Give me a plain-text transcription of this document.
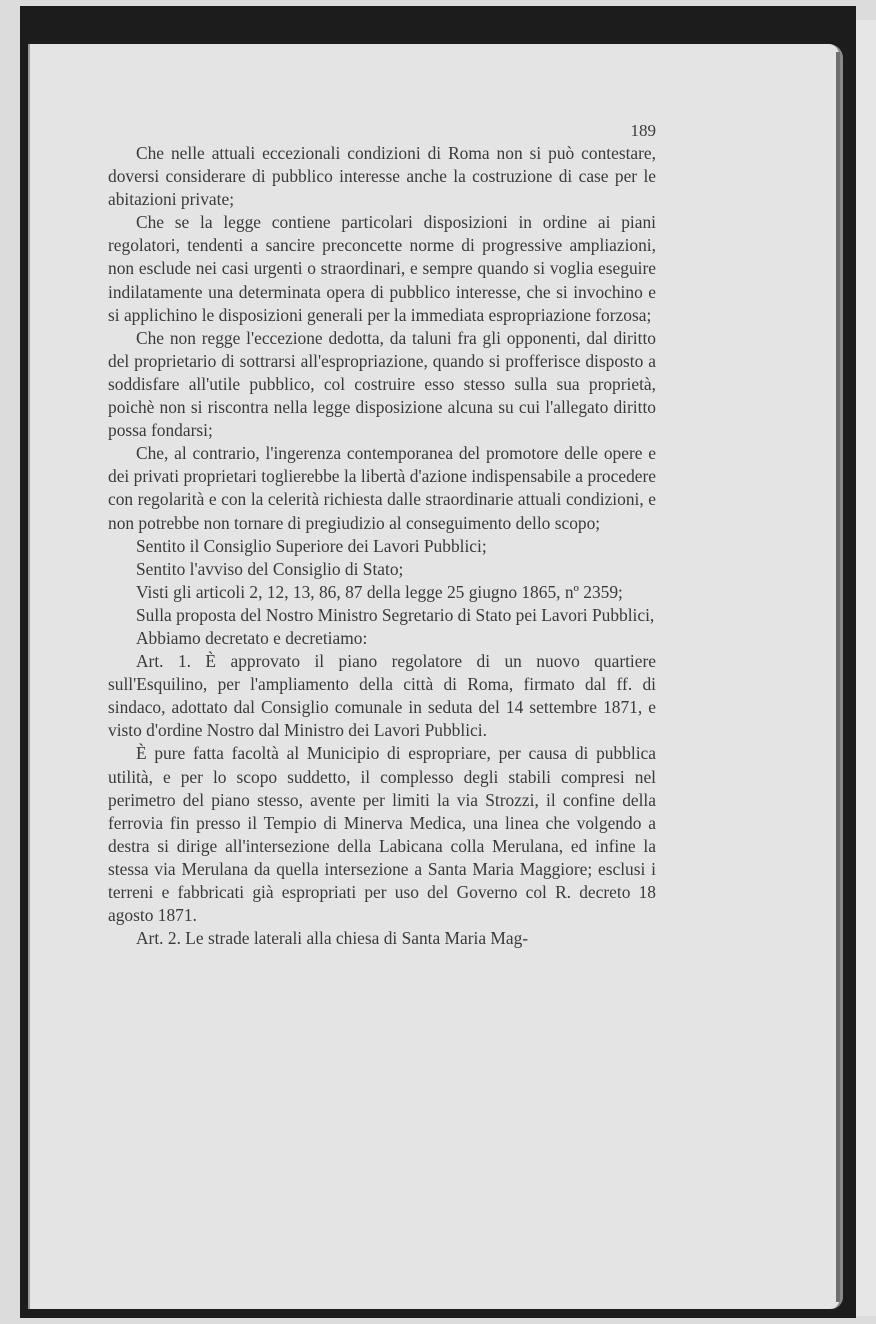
189

Che nelle attuali eccezionali condizioni di Roma non si può contestare, doversi considerare di pubblico interesse anche la costruzione di case per le abitazioni private;

Che se la legge contiene particolari disposizioni in ordine ai piani regolatori, tendenti a sancire preconcette norme di progressive ampliazioni, non esclude nei casi urgenti o straordinari, e sempre quando si voglia eseguire indilatamente una determinata opera di pubblico interesse, che si invochino e si applichino le disposizioni generali per la immediata espropriazione forzosa;

Che non regge l'eccezione dedotta, da taluni fra gli opponenti, dal diritto del proprietario di sottrarsi all'espropriazione, quando si profferisce disposto a soddisfare all'utile pubblico, col costruire esso stesso sulla sua proprietà, poichè non si riscontra nella legge disposizione alcuna su cui l'allegato diritto possa fondarsi;

Che, al contrario, l'ingerenza contemporanea del promotore delle opere e dei privati proprietari toglierebbe la libertà d'azione indispensabile a procedere con regolarità e con la celerità richiesta dalle straordinarie attuali condizioni, e non potrebbe non tornare di pregiudizio al conseguimento dello scopo;

Sentito il Consiglio Superiore dei Lavori Pubblici;

Sentito l'avviso del Consiglio di Stato;

Visti gli articoli 2, 12, 13, 86, 87 della legge 25 giugno 1865, nº 2359;

Sulla proposta del Nostro Ministro Segretario di Stato pei Lavori Pubblici,

Abbiamo decretato e decretiamo:

Art. 1. È approvato il piano regolatore di un nuovo quartiere sull'Esquilino, per l'ampliamento della città di Roma, firmato dal ff. di sindaco, adottato dal Consiglio comunale in seduta del 14 settembre 1871, e visto d'ordine Nostro dal Ministro dei Lavori Pubblici.

È pure fatta facoltà al Municipio di espropriare, per causa di pubblica utilità, e per lo scopo suddetto, il complesso degli stabili compresi nel perimetro del piano stesso, avente per limiti la via Strozzi, il confine della ferrovia fin presso il Tempio di Minerva Medica, una linea che volgendo a destra si dirige all'intersezione della Labicana colla Merulana, ed infine la stessa via Merulana da quella intersezione a Santa Maria Maggiore; esclusi i terreni e fabbricati già espropriati per uso del Governo col R. decreto 18 agosto 1871.

Art. 2. Le strade laterali alla chiesa di Santa Maria Mag-
